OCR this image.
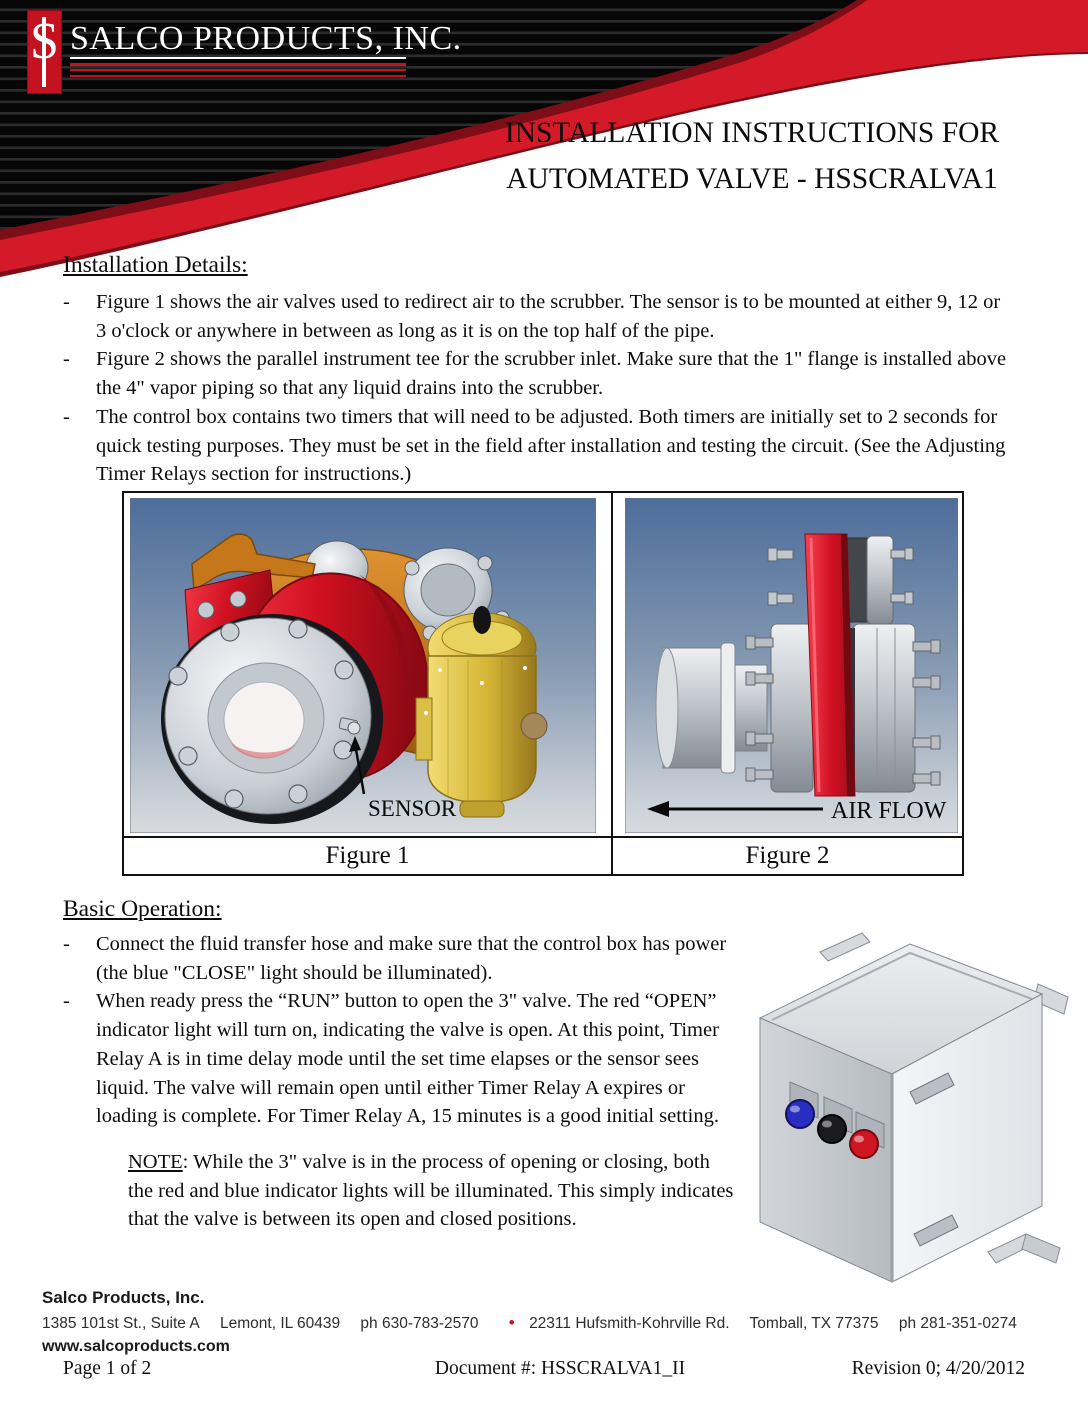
S SALCO PRODUCTS, INC.
INSTALLATION INSTRUCTIONS FOR
AUTOMATED VALVE - HSSCRALVA1
Installation Details:
-	Figure 1 shows the air valves used to redirect air to the scrubber. The sensor is to be mounted at either 9, 12 or 3 o'clock or anywhere in between as long as it is on the top half of the pipe.
-	Figure 2 shows the parallel instrument tee for the scrubber inlet. Make sure that the 1" flange is installed above the 4" vapor piping so that any liquid drains into the scrubber.
-	The control box contains two timers that will need to be adjusted. Both timers are initially set to 2 seconds for quick testing purposes. They must be set in the field after installation and testing the circuit. (See the Adjusting Timer Relays section for instructions.)
SENSOR	AIR FLOW
Figure 1	Figure 2
Basic Operation:
-	Connect the fluid transfer hose and make sure that the control box has power (the blue "CLOSE" light should be illuminated).
-	When ready press the “RUN” button to open the 3" valve. The red “OPEN” indicator light will turn on, indicating the valve is open. At this point, Timer Relay A is in time delay mode until the set time elapses or the sensor sees liquid. The valve will remain open until either Timer Relay A expires or loading is complete. For Timer Relay A, 15 minutes is a good initial setting.

NOTE: While the 3" valve is in the process of opening or closing, both the red and blue indicator lights will be illuminated. This simply indicates that the valve is between its open and closed positions.

Salco Products, Inc.
1385 101st St., Suite A Lemont, IL 60439 ph 630-783-2570 • 22311 Hufsmith-Kohrville Rd. Tomball, TX 77375 ph 281-351-0274
www.salcoproducts.com
Page 1 of 2	Document #: HSSCRALVA1_II	Revision 0; 4/20/2012
